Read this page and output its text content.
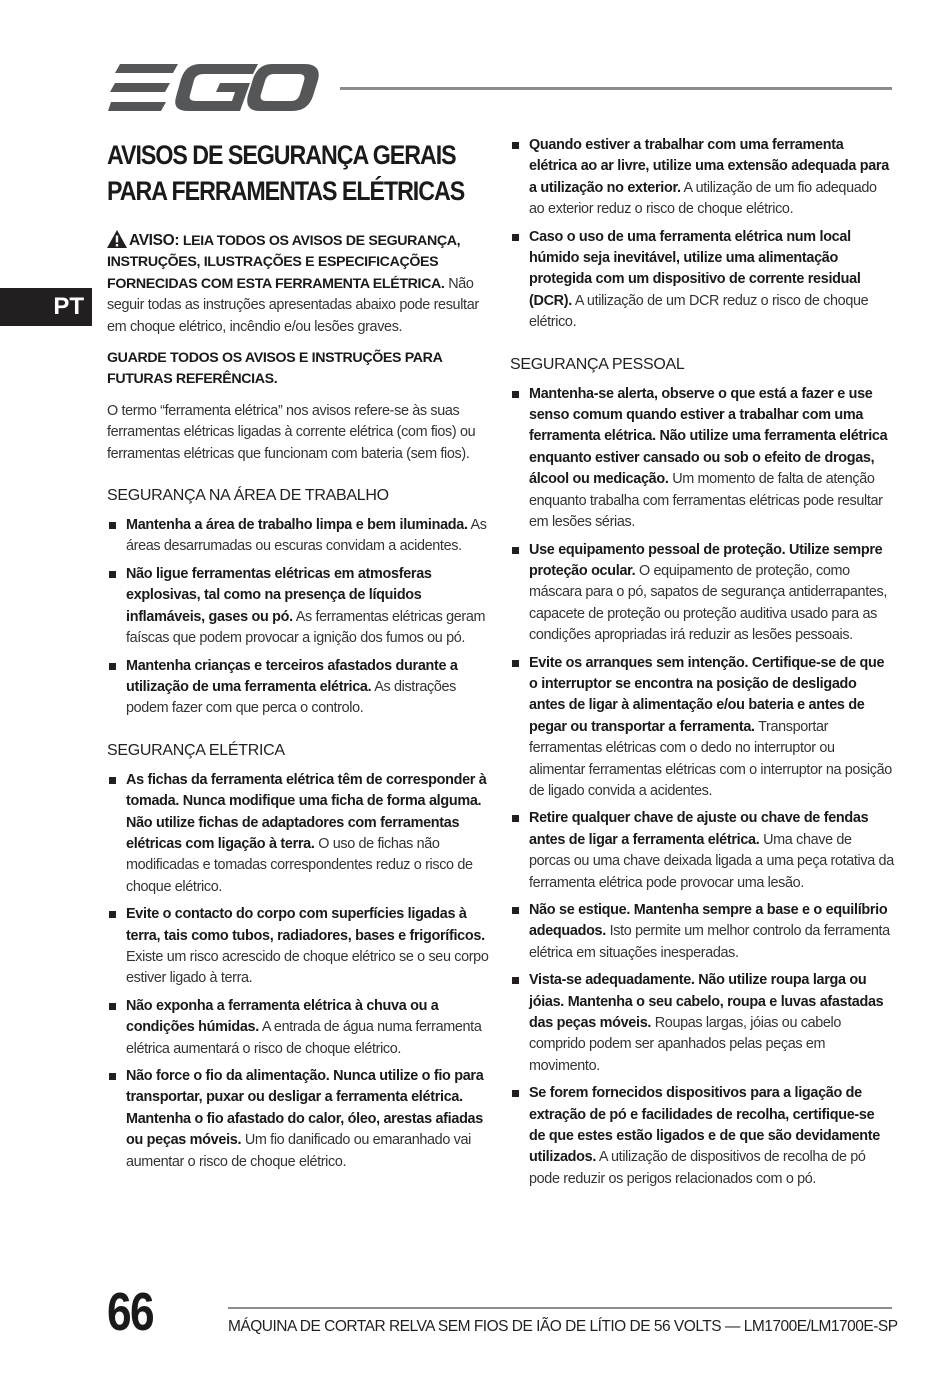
PT
AVISOS DE SEGURANÇA GERAIS PARA FERRAMENTAS ELÉTRICAS

AVISO: LEIA TODOS OS AVISOS DE SEGURANÇA, INSTRUÇÕES, ILUSTRAÇÕES E ESPECIFICAÇÕES FORNECIDAS COM ESTA FERRAMENTA ELÉTRICA. Não seguir todas as instruções apresentadas abaixo pode resultar em choque elétrico, incêndio e/ou lesões graves.

GUARDE TODOS OS AVISOS E INSTRUÇÕES PARA FUTURAS REFERÊNCIAS.

O termo “ferramenta elétrica” nos avisos refere-se às suas ferramentas elétricas ligadas à corrente elétrica (com fios) ou ferramentas elétricas que funcionam com bateria (sem fios).

SEGURANÇA NA ÁREA DE TRABALHO
Mantenha a área de trabalho limpa e bem iluminada. As áreas desarrumadas ou escuras convidam a acidentes.
Não ligue ferramentas elétricas em atmosferas explosivas, tal como na presença de líquidos inflamáveis, gases ou pó. As ferramentas elétricas geram faíscas que podem provocar a ignição dos fumos ou pó.
Mantenha crianças e terceiros afastados durante a utilização de uma ferramenta elétrica. As distrações podem fazer com que perca o controlo.
SEGURANÇA ELÉTRICA
As fichas da ferramenta elétrica têm de corresponder à tomada. Nunca modifique uma ficha de forma alguma. Não utilize fichas de adaptadores com ferramentas elétricas com ligação à terra. O uso de fichas não modificadas e tomadas correspondentes reduz o risco de choque elétrico.
Evite o contacto do corpo com superfícies ligadas à terra, tais como tubos, radiadores, bases e frigoríficos. Existe um risco acrescido de choque elétrico se o seu corpo estiver ligado à terra.
Não exponha a ferramenta elétrica à chuva ou a condições húmidas. A entrada de água numa ferramenta elétrica aumentará o risco de choque elétrico.
Não force o fio da alimentação. Nunca utilize o fio para transportar, puxar ou desligar a ferramenta elétrica. Mantenha o fio afastado do calor, óleo, arestas afiadas ou peças móveis. Um fio danificado ou emaranhado vai aumentar o risco de choque elétrico.
Quando estiver a trabalhar com uma ferramenta elétrica ao ar livre, utilize uma extensão adequada para a utilização no exterior. A utilização de um fio adequado ao exterior reduz o risco de choque elétrico.
Caso o uso de uma ferramenta elétrica num local húmido seja inevitável, utilize uma alimentação protegida com um dispositivo de corrente residual (DCR). A utilização de um DCR reduz o risco de choque elétrico.
SEGURANÇA PESSOAL
Mantenha-se alerta, observe o que está a fazer e use senso comum quando estiver a trabalhar com uma ferramenta elétrica. Não utilize uma ferramenta elétrica enquanto estiver cansado ou sob o efeito de drogas, álcool ou medicação. Um momento de falta de atenção enquanto trabalha com ferramentas elétricas pode resultar em lesões sérias.
Use equipamento pessoal de proteção. Utilize sempre proteção ocular. O equipamento de proteção, como máscara para o pó, sapatos de segurança antiderrapantes, capacete de proteção ou proteção auditiva usado para as condições apropriadas irá reduzir as lesões pessoais.
Evite os arranques sem intenção. Certifique-se de que o interruptor se encontra na posição de desligado antes de ligar à alimentação e/ou bateria e antes de pegar ou transportar a ferramenta. Transportar ferramentas elétricas com o dedo no interruptor ou alimentar ferramentas elétricas com o interruptor na posição de ligado convida a acidentes.
Retire qualquer chave de ajuste ou chave de fendas antes de ligar a ferramenta elétrica. Uma chave de porcas ou uma chave deixada ligada a uma peça rotativa da ferramenta elétrica pode provocar uma lesão.
Não se estique. Mantenha sempre a base e o equilíbrio adequados. Isto permite um melhor controlo da ferramenta elétrica em situações inesperadas.
Vista-se adequadamente. Não utilize roupa larga ou jóias. Mantenha o seu cabelo, roupa e luvas afastadas das peças móveis. Roupas largas, jóias ou cabelo comprido podem ser apanhados pelas peças em movimento.
Se forem fornecidos dispositivos para a ligação de extração de pó e facilidades de recolha, certifique-se de que estes estão ligados e de que são devidamente utilizados. A utilização de dispositivos de recolha de pó pode reduzir os perigos relacionados com o pó.
66	MÁQUINA DE CORTAR RELVA SEM FIOS DE IÃO DE LÍTIO DE 56 VOLTS — LM1700E/LM1700E-SP
